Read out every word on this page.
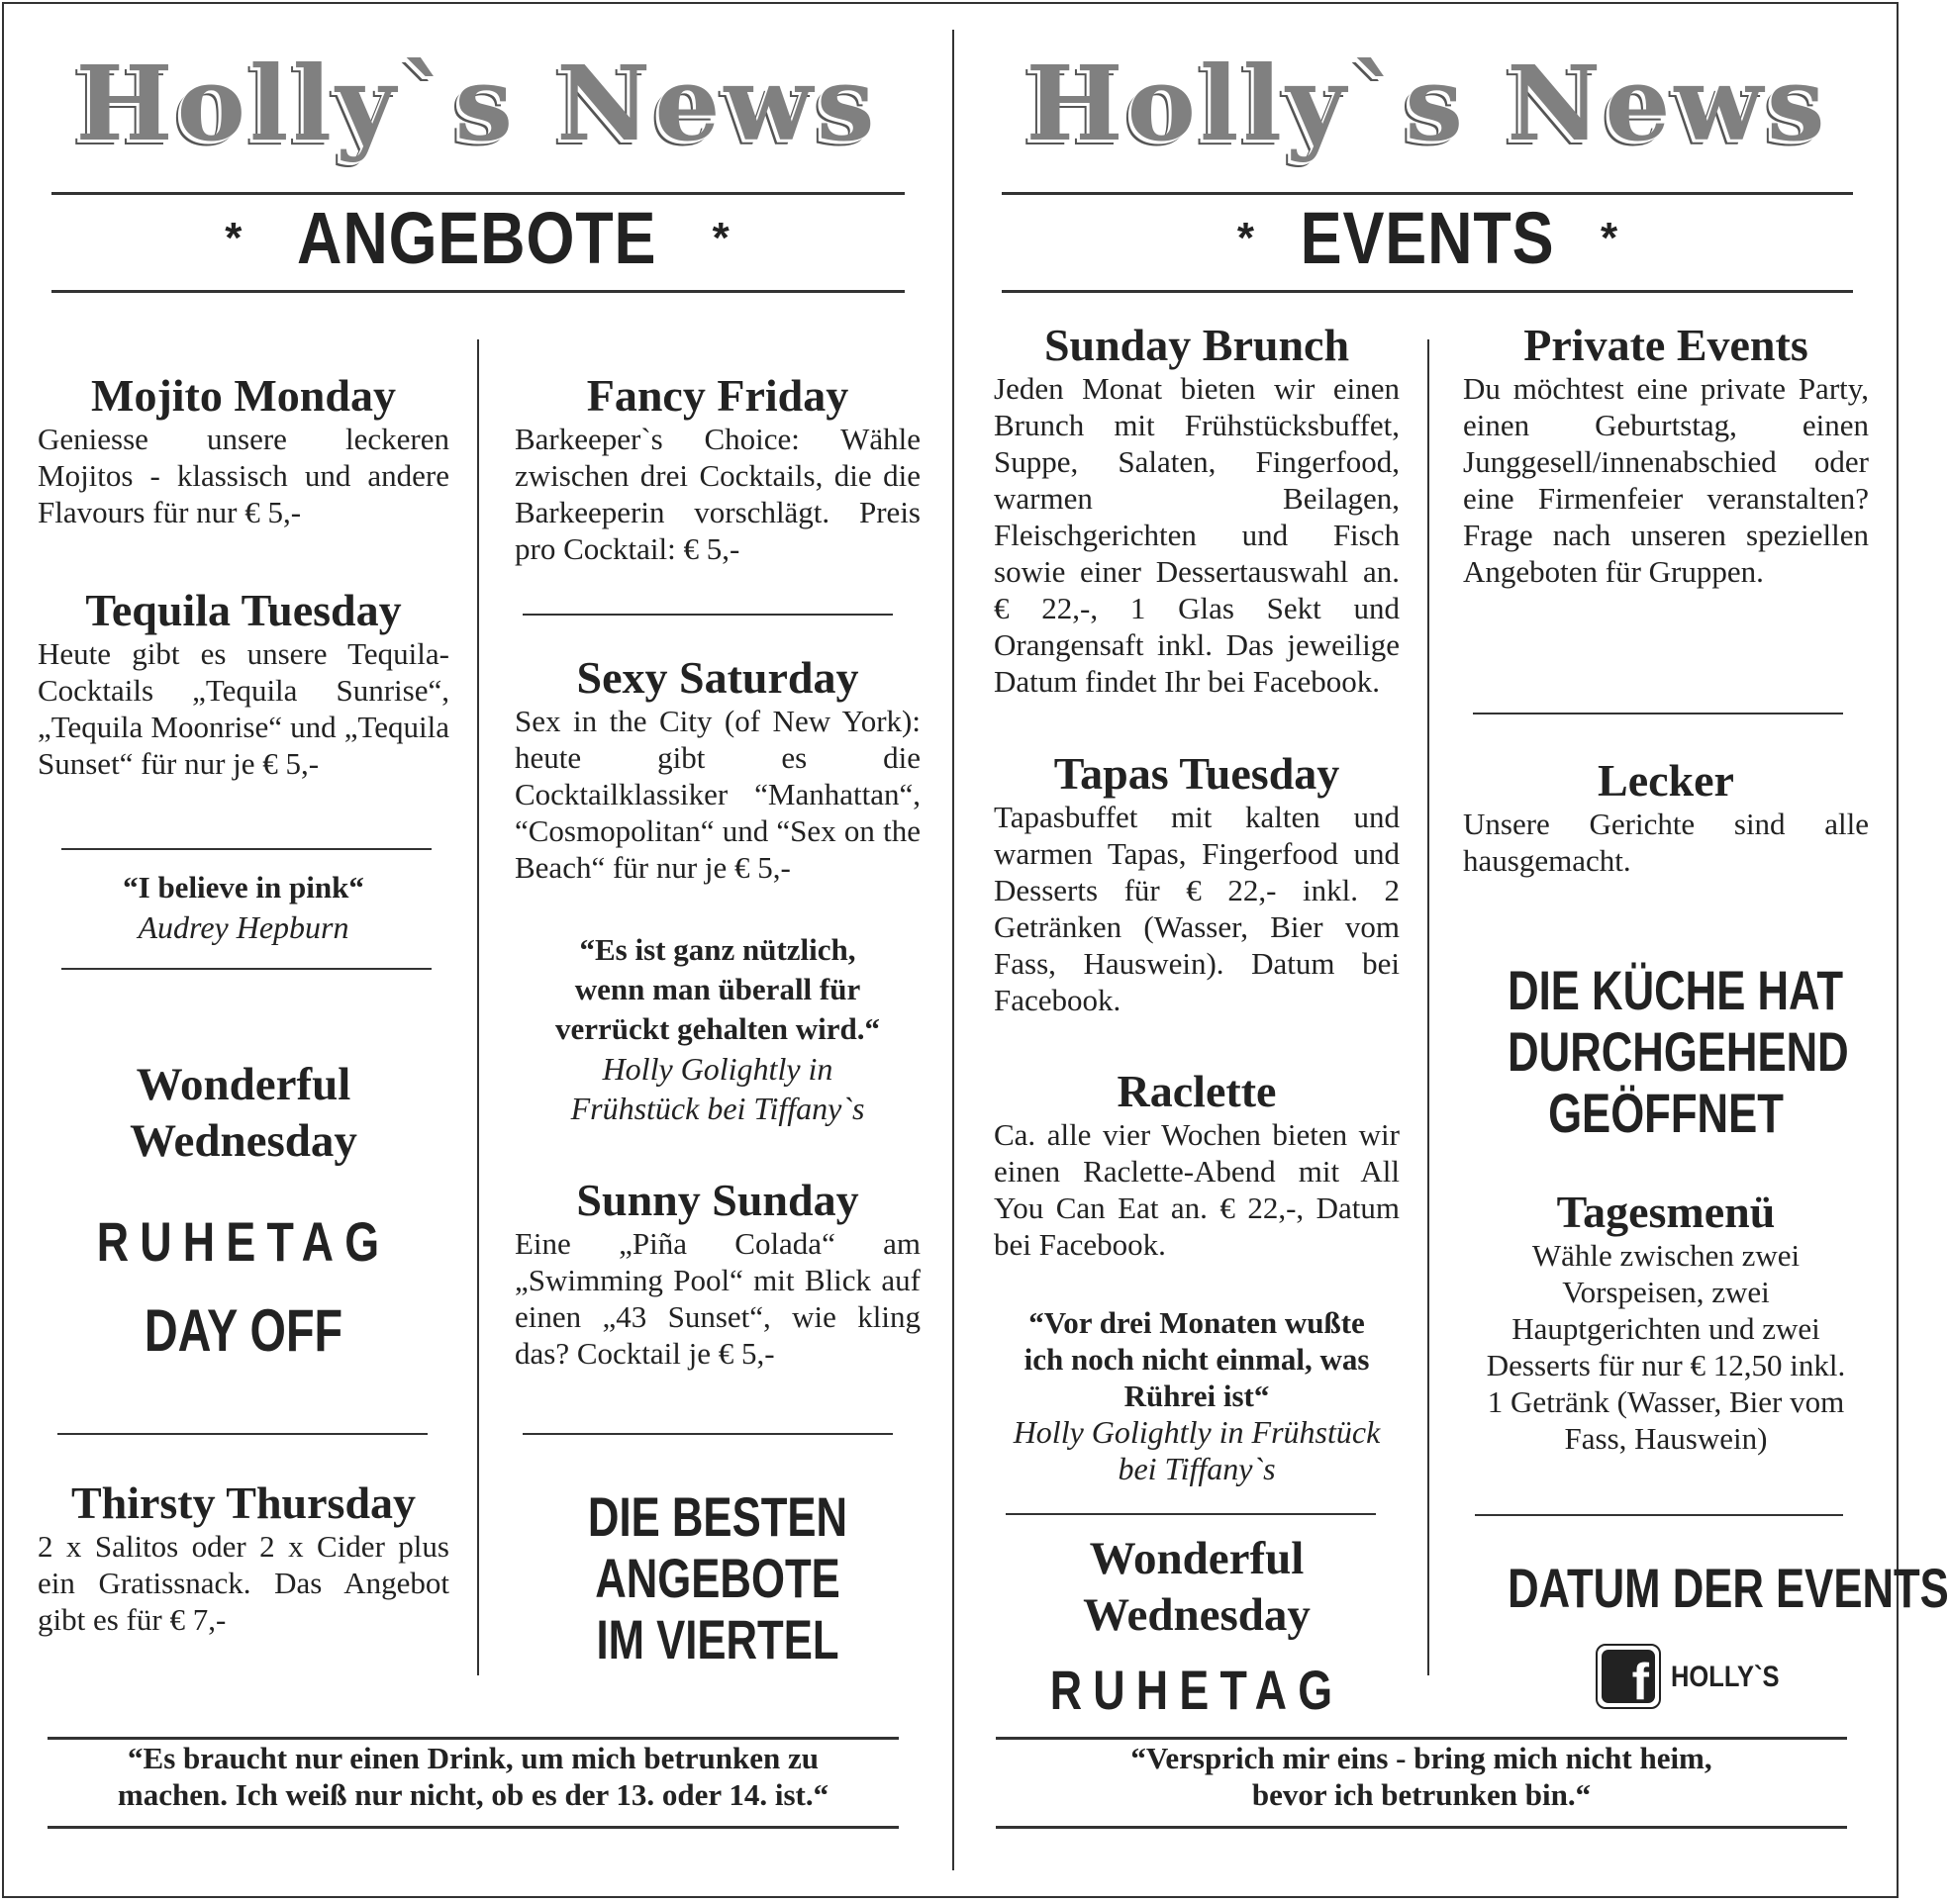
Holly`s News
* ANGEBOTE *
Mojito Monday

Geniesse unsere leckeren Mojitos - klassisch und andere Flavours für nur € 5,-

Tequila Tuesday

Heute gibt es unsere Tequila-Cocktails „Tequila Sunrise“, „Tequila Moonrise“ und „Tequila Sunset“ für nur je € 5,-

“I believe in pink“

Audrey Hepburn

Wonderful
Wednesday

RUHETAG

DAY OFF

Thirsty Thursday

2 x Salitos oder 2 x Cider plus ein Gratissnack. Das Angebot gibt es für € 7,-

Fancy Friday

Barkeeper`s Choice: Wähle zwischen drei Cocktails, die die Barkeeperin vorschlägt. Preis pro Cocktail: € 5,-

Sexy Saturday

Sex in the City (of New York): heute gibt es die Cocktailklassiker “Manhattan“, “Cosmopolitan“ und “Sex on the Beach“ für nur je € 5,-

“Es ist ganz nützlich,

wenn man überall für

verrückt gehalten wird.“

Holly Golightly in

Frühstück bei Tiffany`s

Sunny Sunday

Eine „Piña Colada“ am „Swimming Pool“ mit Blick auf einen „43 Sunset“, wie kling das? Cocktail je € 5,-

DIE BESTEN

ANGEBOTE

IM VIERTEL

“Es braucht nur einen Drink, um mich betrunken zu
machen. Ich weiß nur nicht, ob es der 13. oder 14. ist.“
Holly`s News
* EVENTS *
Sunday Brunch

Jeden Monat bieten wir einen Brunch mit Frühstücksbuffet, Suppe, Salaten, Fingerfood, warmen Beilagen, Fleischgerichten und Fisch sowie einer Dessertauswahl an. € 22,-, 1 Glas Sekt und Orangensaft inkl. Das jeweilige Datum findet Ihr bei Facebook.

Tapas Tuesday

Tapasbuffet mit kalten und warmen Tapas, Fingerfood und Desserts für € 22,- inkl. 2 Getränken (Wasser, Bier vom Fass, Hauswein). Datum bei Facebook.

Raclette

Ca. alle vier Wochen bieten wir einen Raclette-Abend mit All You Can Eat an. € 22,-, Datum bei Facebook.

“Vor drei Monaten wußte

ich noch nicht einmal, was

Rührei ist“

Holly Golightly in Frühstück

bei Tiffany`s

Wonderful
Wednesday

RUHETAG

Private Events

Du möchtest eine private Party, einen Geburtstag, einen Junggesell/innenabschied oder eine Firmenfeier veranstalten? Frage nach unseren speziellen Angeboten für Gruppen.

Lecker

Unsere Gerichte sind alle hausgemacht.

DIE KÜCHE HAT

DURCHGEHEND

GEÖFFNET

Tagesmenü

Wähle zwischen zwei Vorspeisen, zwei Hauptgerichten und zwei Desserts für nur € 12,50 inkl. 1 Getränk (Wasser, Bier vom Fass, Hauswein)

DATUM DER EVENTS

f HOLLY`S
“Versprich mir eins - bring mich nicht heim,
bevor ich betrunken bin.“
